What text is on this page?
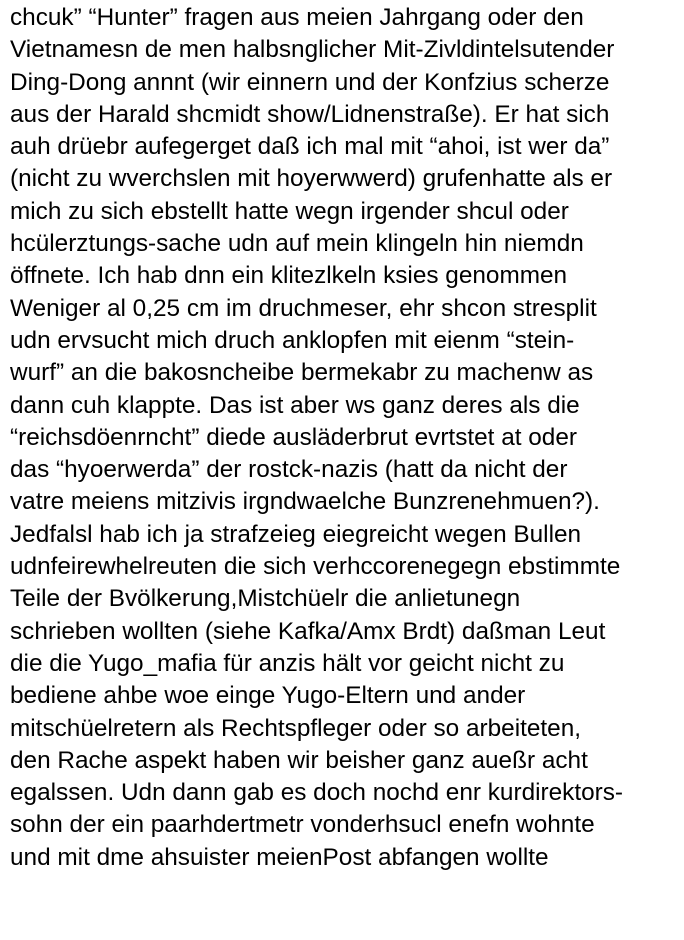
chcuk” “Hunter” fragen aus meien Jahrgang oder den
Vietnamesn de men halbsnglicher Mit-Zivldintelsutender
Ding-Dong annnt (wir einnern und der Konfzius scherze
aus der Harald shcmidt show/Lidnenstraße). Er hat sich
auh drüebr aufegerget daß ich mal mit “ahoi, ist wer da”
(nicht zu wverchslen mit hoyerwwerd) grufenhatte als er
mich zu sich ebstellt hatte wegn irgender shcul oder
hcülerztungs-sache udn auf mein klingeln hin niemdn
öffnete. Ich hab dnn ein klitezlkeln ksies genommen
Weniger al 0,25 cm im druchmeser, ehr shcon stresplit
udn ervsucht mich druch anklopfen mit eienm “stein-
wurf” an die bakosncheibe bermekabr zu machenw as
dann cuh klappte. Das ist aber ws ganz deres als die
“reichsdöenrncht” diede ausläderbrut evrtstet at oder
das “hyoerwerda” der rostck-nazis (hatt da nicht der
vatre meiens mitzivis irgndwaelche Bunzrenehmuen?).
Jedfalsl hab ich ja strafzeieg eiegreicht wegen Bullen
udnfeirewhelreuten die sich verhccorenegegn ebstimmte
Teile der Bvölkerung,Mistchüelr die anlietunegn
schrieben wollten (siehe Kafka/Amx Brdt) daßman Leut
die die Yugo_mafia für anzis hält vor geicht nicht zu
bediene ahbe woe einge Yugo-Eltern und ander
mitschüelretern als Rechtspfleger oder so arbeiteten,
den Rache aspekt haben wir beisher ganz aueßr acht
egalssen. Udn dann gab es doch nochd enr kurdirektors-
sohn der ein paarhdertmetr vonderhsucl enefn wohnte
und mit dme ahsuister meienPost abfangen wollte
